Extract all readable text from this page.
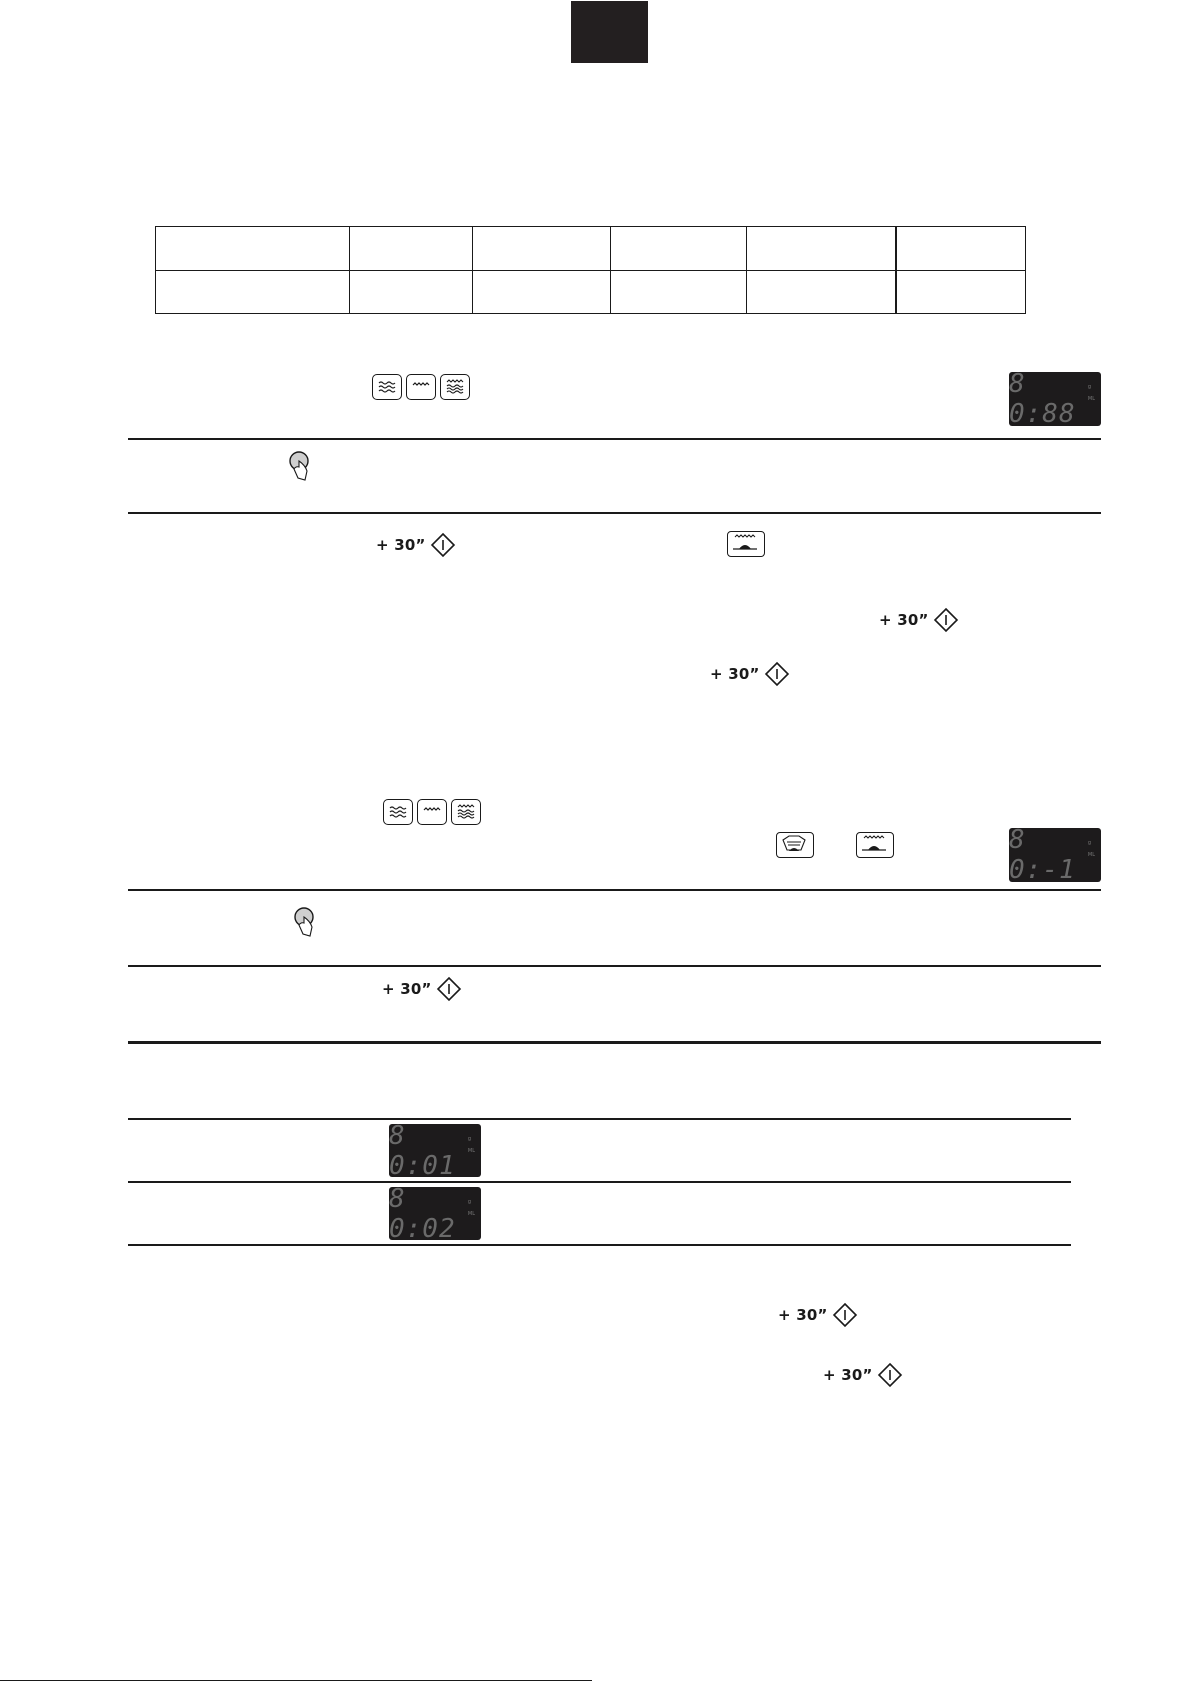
8 0:88
g
ML
+ 30”
+ 30”
+ 30”
8 0:-1
g
ML
+ 30”
8 0:01
g
ML
8 0:02
g
ML
+ 30”
+ 30”
